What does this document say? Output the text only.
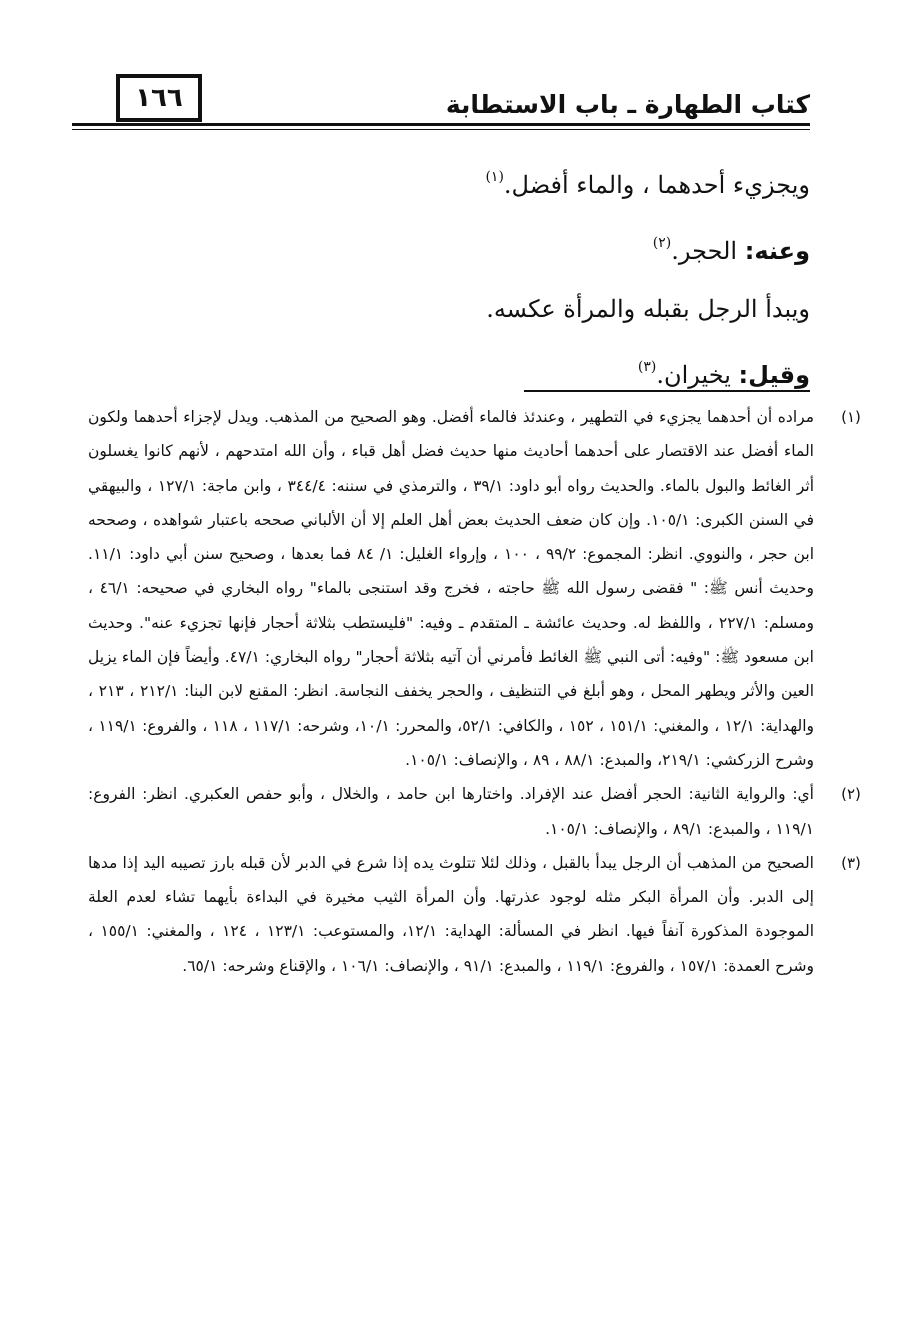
١٦٦	كتاب الطهارة ـ باب الاستطابة

ويجزيء أحدهما ، والماء أفضل.$^{(١)}$

وعنه: الحجر.$^{(٢)}$

ويبدأ الرجل بقبله والمرأة عكسه.

وقيل: يخيران.$^{(٣)}$

(١)

مراده أن أحدهما يجزيء في التطهير ، وعندئذ فالماء أفضل. وهو الصحيح من المذهب. ويدل لإجزاء أحدهما ولكون الماء أفضل عند الاقتصار على أحدهما أحاديث منها حديث فضل أهل قباء ، وأن الله امتدحهم ، لأنهم كانوا يغسلون أثر الغائط والبول بالماء. والحديث رواه أبو داود: ٣٩/١ ، والترمذي في سننه: ٣٤٤/٤ ، وابن ماجة: ١٢٧/١ ، والبيهقي في السنن الكبرى: ١٠٥/١. وإن كان ضعف الحديث بعض أهل العلم إلا أن الألباني صححه باعتبار شواهده ، وصححه ابن حجر ، والنووي. انظر: المجموع: ٩٩/٢ ، ١٠٠ ، وإرواء الغليل: ١/ ٨٤ فما بعدها ، وصحيح سنن أبي داود: ١١/١. وحديث أنس ﷺ: " فقضى رسول الله ﷺ حاجته ، فخرج وقد استنجى بالماء" رواه البخاري في صحيحه: ٤٦/١ ، ومسلم: ٢٢٧/١ ، واللفظ له. وحديث عائشة ـ المتقدم ـ وفيه: "فليستطب بثلاثة أحجار فإنها تجزيء عنه". وحديث ابن مسعود ﷺ: "وفيه: أتى النبي ﷺ الغائط فأمرني أن آتيه بثلاثة أحجار" رواه البخاري: ٤٧/١. وأيضاً فإن الماء يزيل العين والأثر ويطهر المحل ، وهو أبلغ في التنظيف ، والحجر يخفف النجاسة. انظر: المقنع لابن البنا: ٢١٢/١ ، ٢١٣ ، والهداية: ١٢/١ ، والمغني: ١٥١/١ ، ١٥٢ ، والكافي: ٥٢/١، والمحرر: ١٠/١، وشرحه: ١١٧/١ ، ١١٨ ، والفروع: ١١٩/١ ، وشرح الزركشي: ٢١٩/١، والمبدع: ٨٨/١ ، ٨٩ ، والإنصاف: ١٠٥/١.

(٢)

أي: والرواية الثانية: الحجر أفضل عند الإفراد. واختارها ابن حامد ، والخلال ، وأبو حفص العكبري. انظر: الفروع: ١١٩/١ ، والمبدع: ٨٩/١ ، والإنصاف: ١٠٥/١.

(٣)

الصحيح من المذهب أن الرجل يبدأ بالقبل ، وذلك لئلا تتلوث يده إذا شرع في الدبر لأن قبله بارز تصيبه اليد إذا مدها إلى الدبر. وأن المرأة البكر مثله لوجود عذرتها. وأن المرأة الثيب مخيرة في البداءة بأيهما تشاء لعدم العلة الموجودة المذكورة آنفاً فيها. انظر في المسألة: الهداية: ١٢/١، والمستوعب: ١٢٣/١ ، ١٢٤ ، والمغني: ١٥٥/١ ، وشرح العمدة: ١٥٧/١ ، والفروع: ١١٩/١ ، والمبدع: ٩١/١ ، والإنصاف: ١٠٦/١ ، والإقناع وشرحه: ٦٥/١.
